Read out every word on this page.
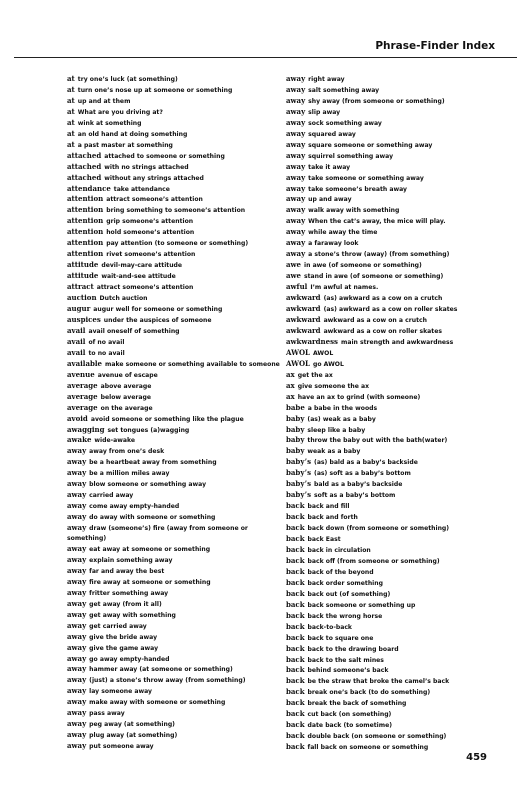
Phrase-Finder Index
at try one’s luck (at something)
at turn one’s nose up at someone or something
at up and at them
at What are you driving at?
at wink at something
at an old hand at doing something
at a past master at something
attached attached to someone or something
attached with no strings attached
attached without any strings attached
attendance take attendance
attention attract someone’s attention
attention bring something to someone’s attention
attention grip someone’s attention
attention hold someone’s attention
attention pay attention (to someone or something)
attention rivet someone’s attention
attitude devil-may-care attitude
attitude wait-and-see attitude
attract attract someone’s attention
auction Dutch auction
augur augur well for someone or something
auspices under the auspices of someone
avail avail oneself of something
avail of no avail
avail to no avail
available make someone or something available to someone
avenue avenue of escape
average above average
average below average
average on the average
avoid avoid someone or something like the plague
awagging set tongues (a)wagging
awake wide-awake
away away from one’s desk
away be a heartbeat away from something
away be a million miles away
away blow someone or something away
away carried away
away come away empty-handed
away do away with someone or something
away draw (someone’s) fire (away from someone or something)
away eat away at someone or something
away explain something away
away far and away the best
away fire away at someone or something
away fritter something away
away get away (from it all)
away get away with something
away get carried away
away give the bride away
away give the game away
away go away empty-handed
away hammer away (at someone or something)
away (just) a stone’s throw away (from something)
away lay someone away
away make away with someone or something
away pass away
away peg away (at something)
away plug away (at something)
away put someone away
away right away
away salt something away
away shy away (from someone or something)
away slip away
away sock something away
away squared away
away square someone or something away
away squirrel something away
away take it away
away take someone or something away
away take someone’s breath away
away up and away
away walk away with something
away When the cat’s away, the mice will play.
away while away the time
away a faraway look
away a stone’s throw (away) (from something)
awe in awe (of someone or something)
awe stand in awe (of someone or something)
awful I’m awful at names.
awkward (as) awkward as a cow on a crutch
awkward (as) awkward as a cow on roller skates
awkward awkward as a cow on a crutch
awkward awkward as a cow on roller skates
awkwardness main strength and awkwardness
AWOL AWOL
AWOL go AWOL
ax get the ax
ax give someone the ax
ax have an ax to grind (with someone)
babe a babe in the woods
baby (as) weak as a baby
baby sleep like a baby
baby throw the baby out with the bath(water)
baby weak as a baby
baby’s (as) bald as a baby’s backside
baby’s (as) soft as a baby’s bottom
baby’s bald as a baby’s backside
baby’s soft as a baby’s bottom
back back and fill
back back and forth
back back down (from someone or something)
back back East
back back in circulation
back back off (from someone or something)
back back of the beyond
back back order something
back back out (of something)
back back someone or something up
back back the wrong horse
back back-to-back
back back to square one
back back to the drawing board
back back to the salt mines
back behind someone’s back
back be the straw that broke the camel’s back
back break one’s back (to do something)
back break the back of something
back cut back (on something)
back date back (to sometime)
back double back (on someone or something)
back fall back on someone or something
459
